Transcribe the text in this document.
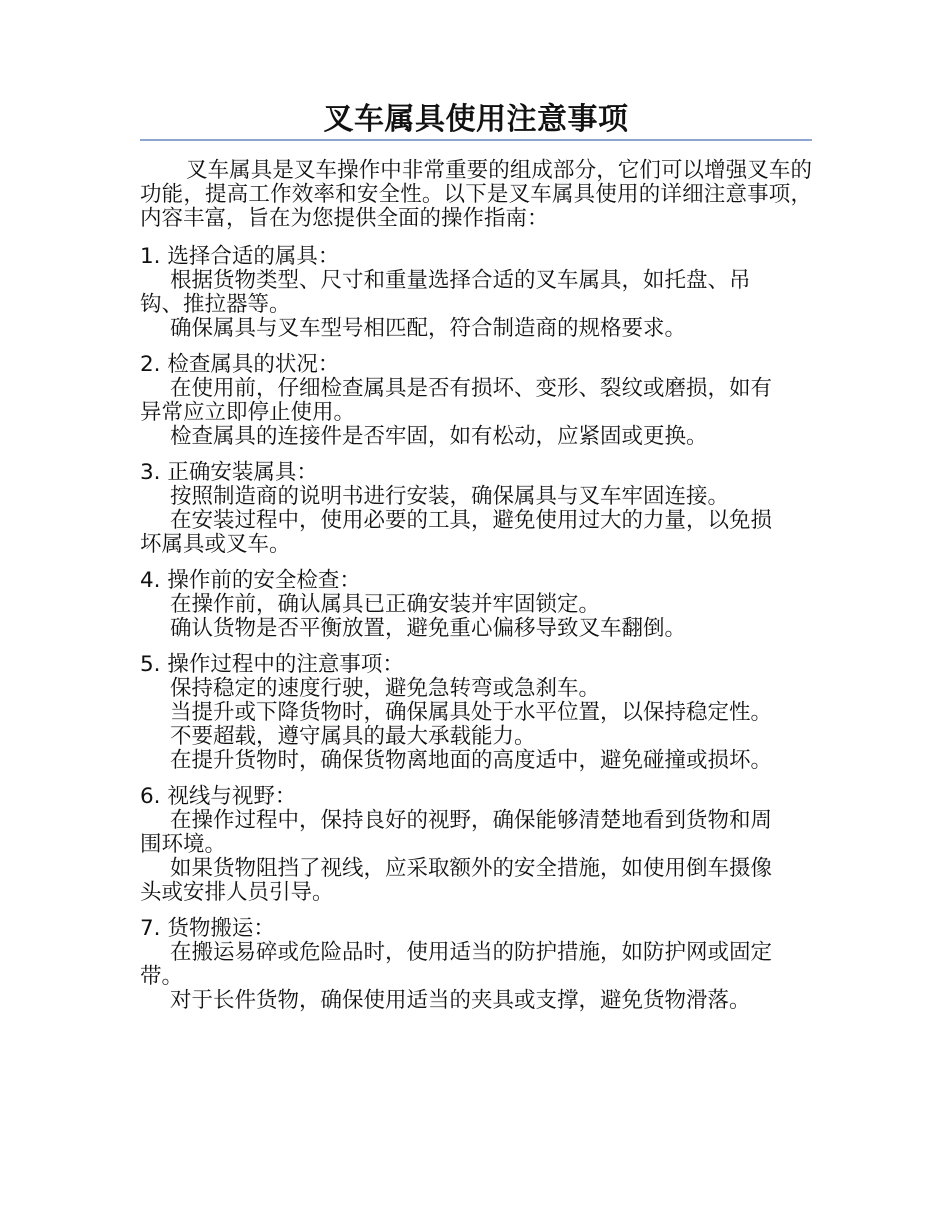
叉车属具使用注意事项

叉车属具是叉车操作中非常重要的组成部分，它们可以增强叉车的功能，提高工作效率和安全性。以下是叉车属具使用的详细注意事项，内容丰富，旨在为您提供全面的操作指南：

1. 选择合适的属具：

根据货物类型、尺寸和重量选择合适的叉车属具，如托盘、吊钩、推拉器等。

确保属具与叉车型号相匹配，符合制造商的规格要求。

2. 检查属具的状况：

在使用前，仔细检查属具是否有损坏、变形、裂纹或磨损，如有异常应立即停止使用。

检查属具的连接件是否牢固，如有松动，应紧固或更换。

3. 正确安装属具：

按照制造商的说明书进行安装，确保属具与叉车牢固连接。

在安装过程中，使用必要的工具，避免使用过大的力量，以免损坏属具或叉车。

4. 操作前的安全检查：

在操作前，确认属具已正确安装并牢固锁定。

确认货物是否平衡放置，避免重心偏移导致叉车翻倒。

5. 操作过程中的注意事项：

保持稳定的速度行驶，避免急转弯或急刹车。

当提升或下降货物时，确保属具处于水平位置，以保持稳定性。

不要超载，遵守属具的最大承载能力。

在提升货物时，确保货物离地面的高度适中，避免碰撞或损坏。

6. 视线与视野：

在操作过程中，保持良好的视野，确保能够清楚地看到货物和周围环境。

如果货物阻挡了视线，应采取额外的安全措施，如使用倒车摄像头或安排人员引导。

7. 货物搬运：

在搬运易碎或危险品时，使用适当的防护措施，如防护网或固定带。

对于长件货物，确保使用适当的夹具或支撑，避免货物滑落。
